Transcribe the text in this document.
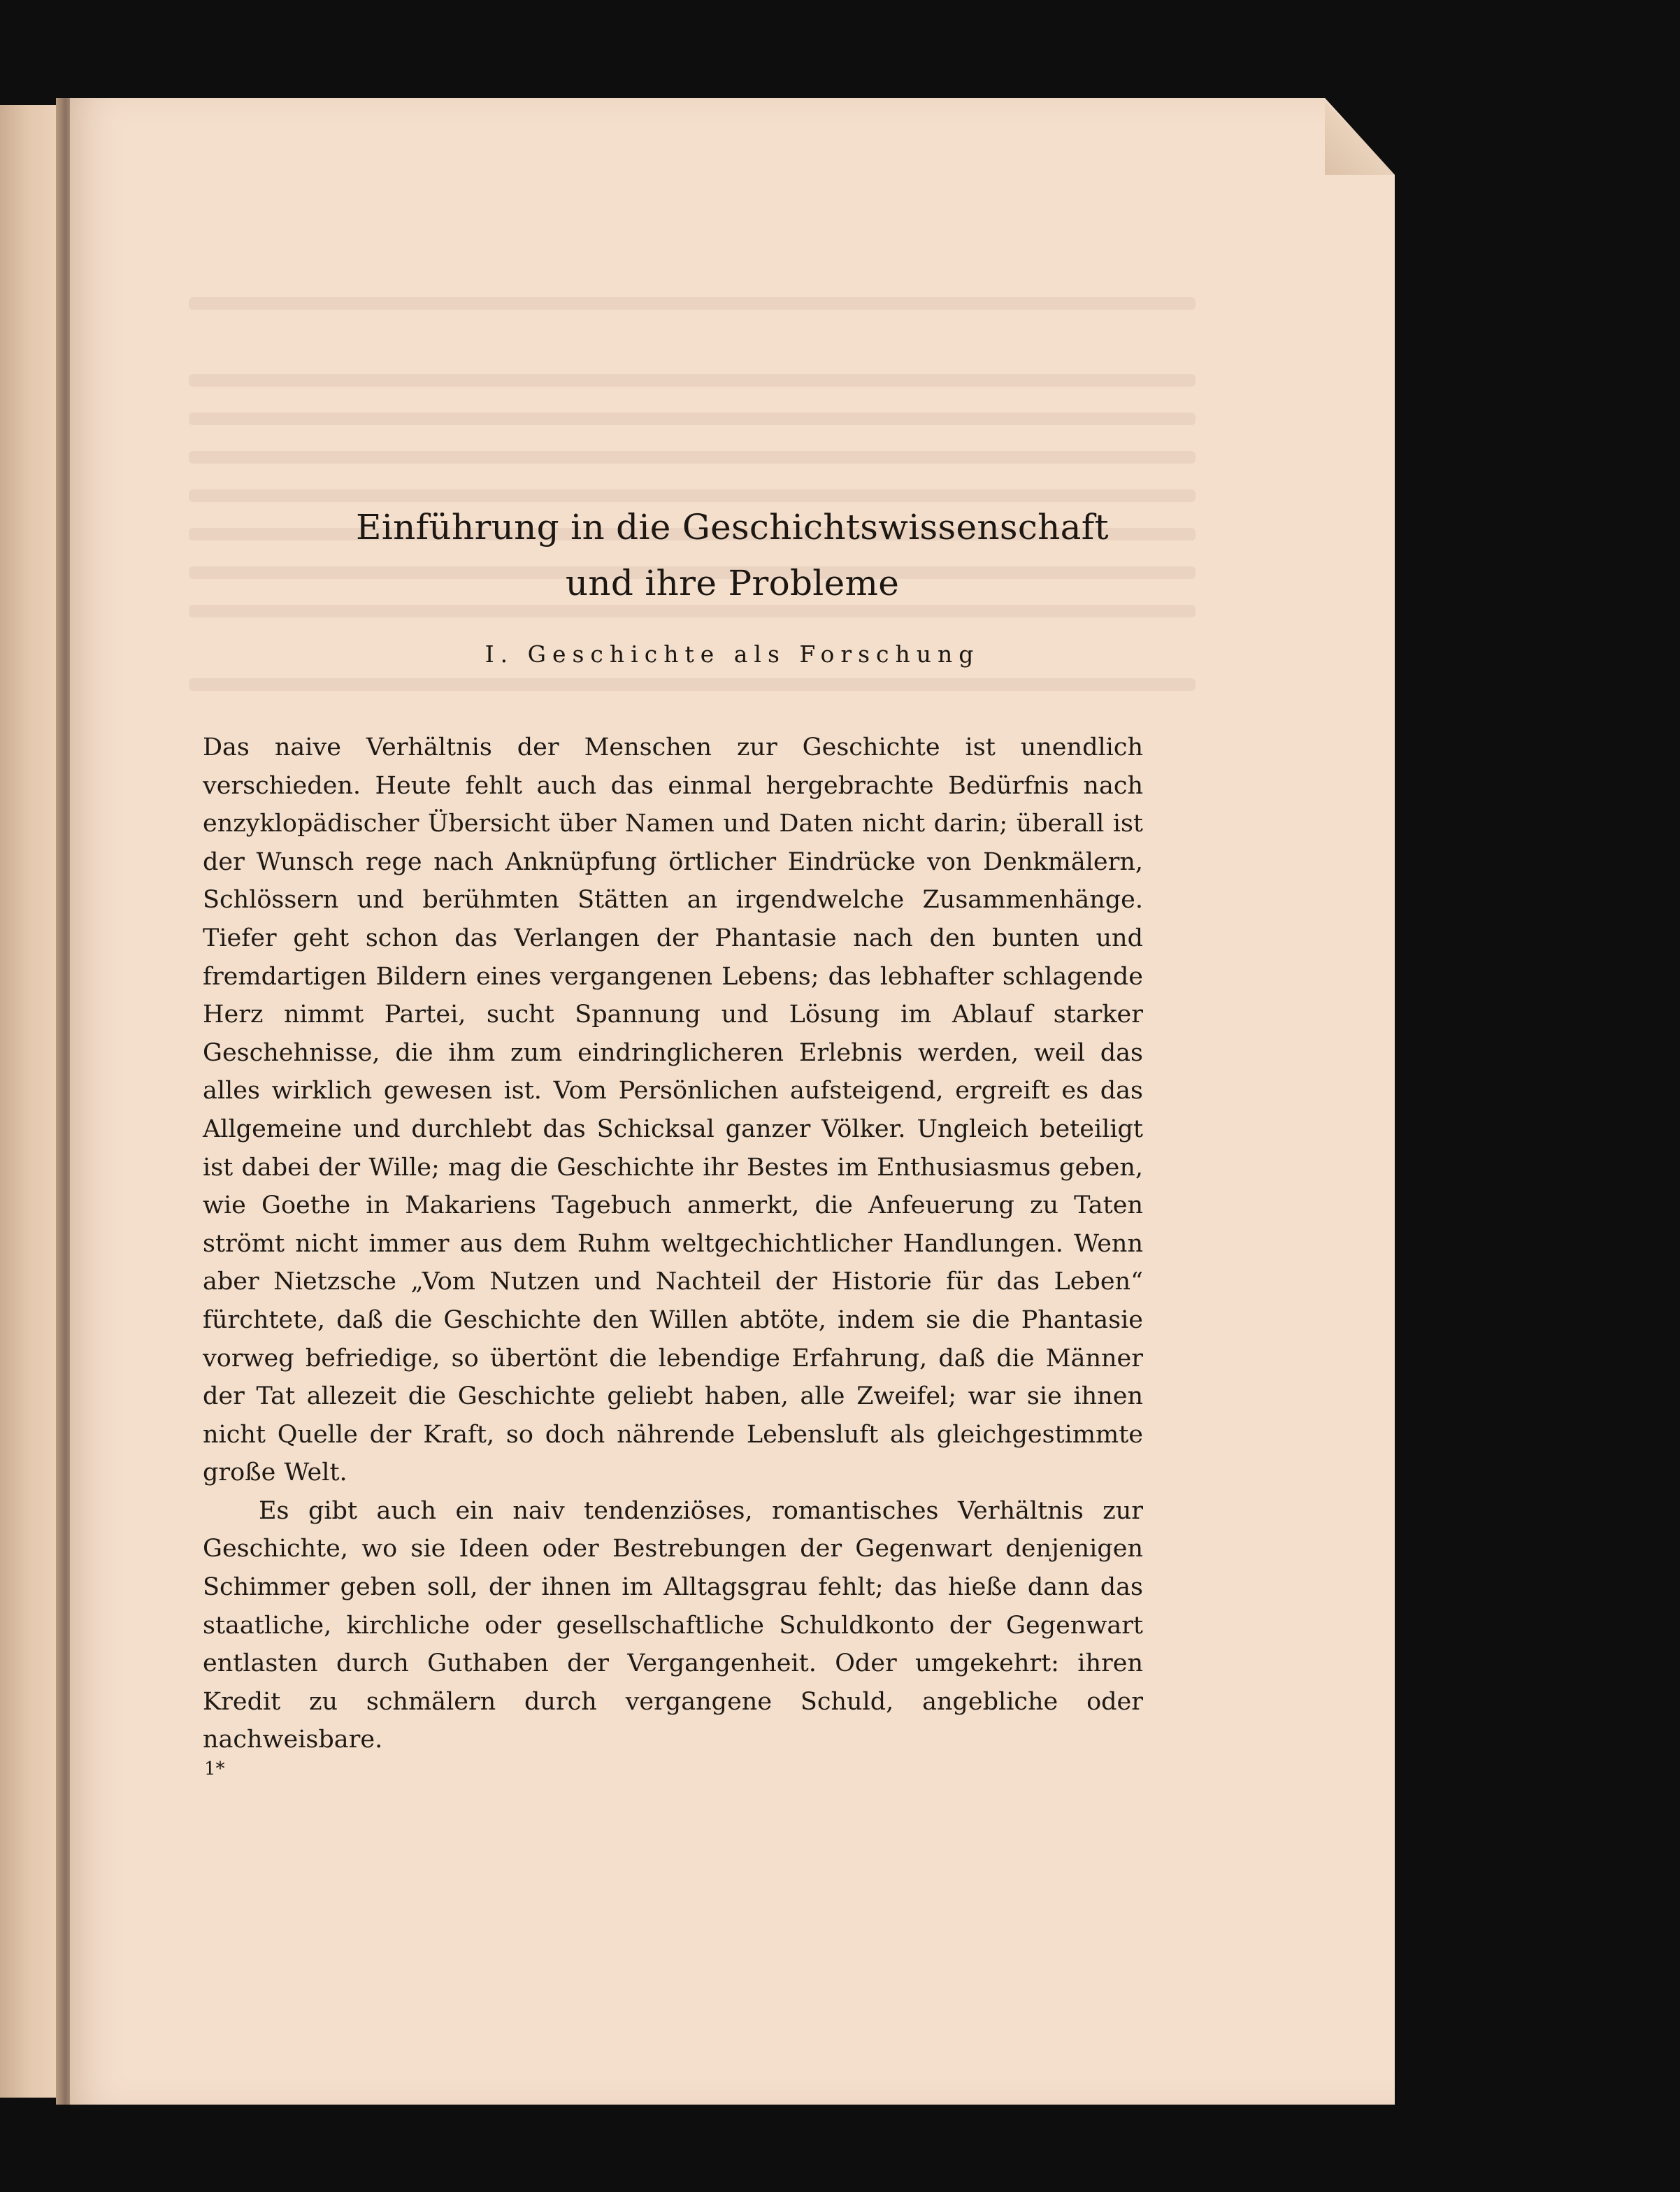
Einführung in die Geschichtswissenschaft
und ihre Probleme
I. Geschichte als Forschung

Das naive Verhältnis der Menschen zur Geschichte ist unendlich verschieden. Heute fehlt auch das einmal hergebrachte Bedürfnis nach enzyklopädischer Übersicht über Namen und Daten nicht darin; überall ist der Wunsch rege nach Anknüpfung örtlicher Eindrücke von Denkmälern, Schlössern und berühmten Stätten an irgendwelche Zusammenhänge. Tiefer geht schon das Verlangen der Phantasie nach den bunten und fremdartigen Bildern eines vergangenen Lebens; das lebhafter schlagende Herz nimmt Partei, sucht Spannung und Lösung im Ablauf starker Geschehnisse, die ihm zum eindringlicheren Erlebnis werden, weil das alles wirklich gewesen ist. Vom Persönlichen aufsteigend, ergreift es das Allgemeine und durchlebt das Schicksal ganzer Völker. Ungleich beteiligt ist dabei der Wille; mag die Geschichte ihr Bestes im Enthusiasmus geben, wie Goethe in Makariens Tagebuch anmerkt, die Anfeuerung zu Taten strömt nicht immer aus dem Ruhm weltgechichtlicher Handlungen. Wenn aber Nietzsche „Vom Nutzen und Nachteil der Historie für das Leben“ fürchtete, daß die Geschichte den Willen abtöte, indem sie die Phantasie vorweg befriedige, so übertönt die lebendige Erfahrung, daß die Männer der Tat allezeit die Geschichte geliebt haben, alle Zweifel; war sie ihnen nicht Quelle der Kraft, so doch nährende Lebensluft als gleichgestimmte große Welt.

Es gibt auch ein naiv tendenziöses, romantisches Verhältnis zur Geschichte, wo sie Ideen oder Bestrebungen der Gegenwart denjenigen Schimmer geben soll, der ihnen im Alltagsgrau fehlt; das hieße dann das staatliche, kirchliche oder gesellschaftliche Schuldkonto der Gegenwart entlasten durch Guthaben der Vergangenheit. Oder umgekehrt: ihren Kredit zu schmälern durch vergangene Schuld, angebliche oder nachweisbare.

1*
